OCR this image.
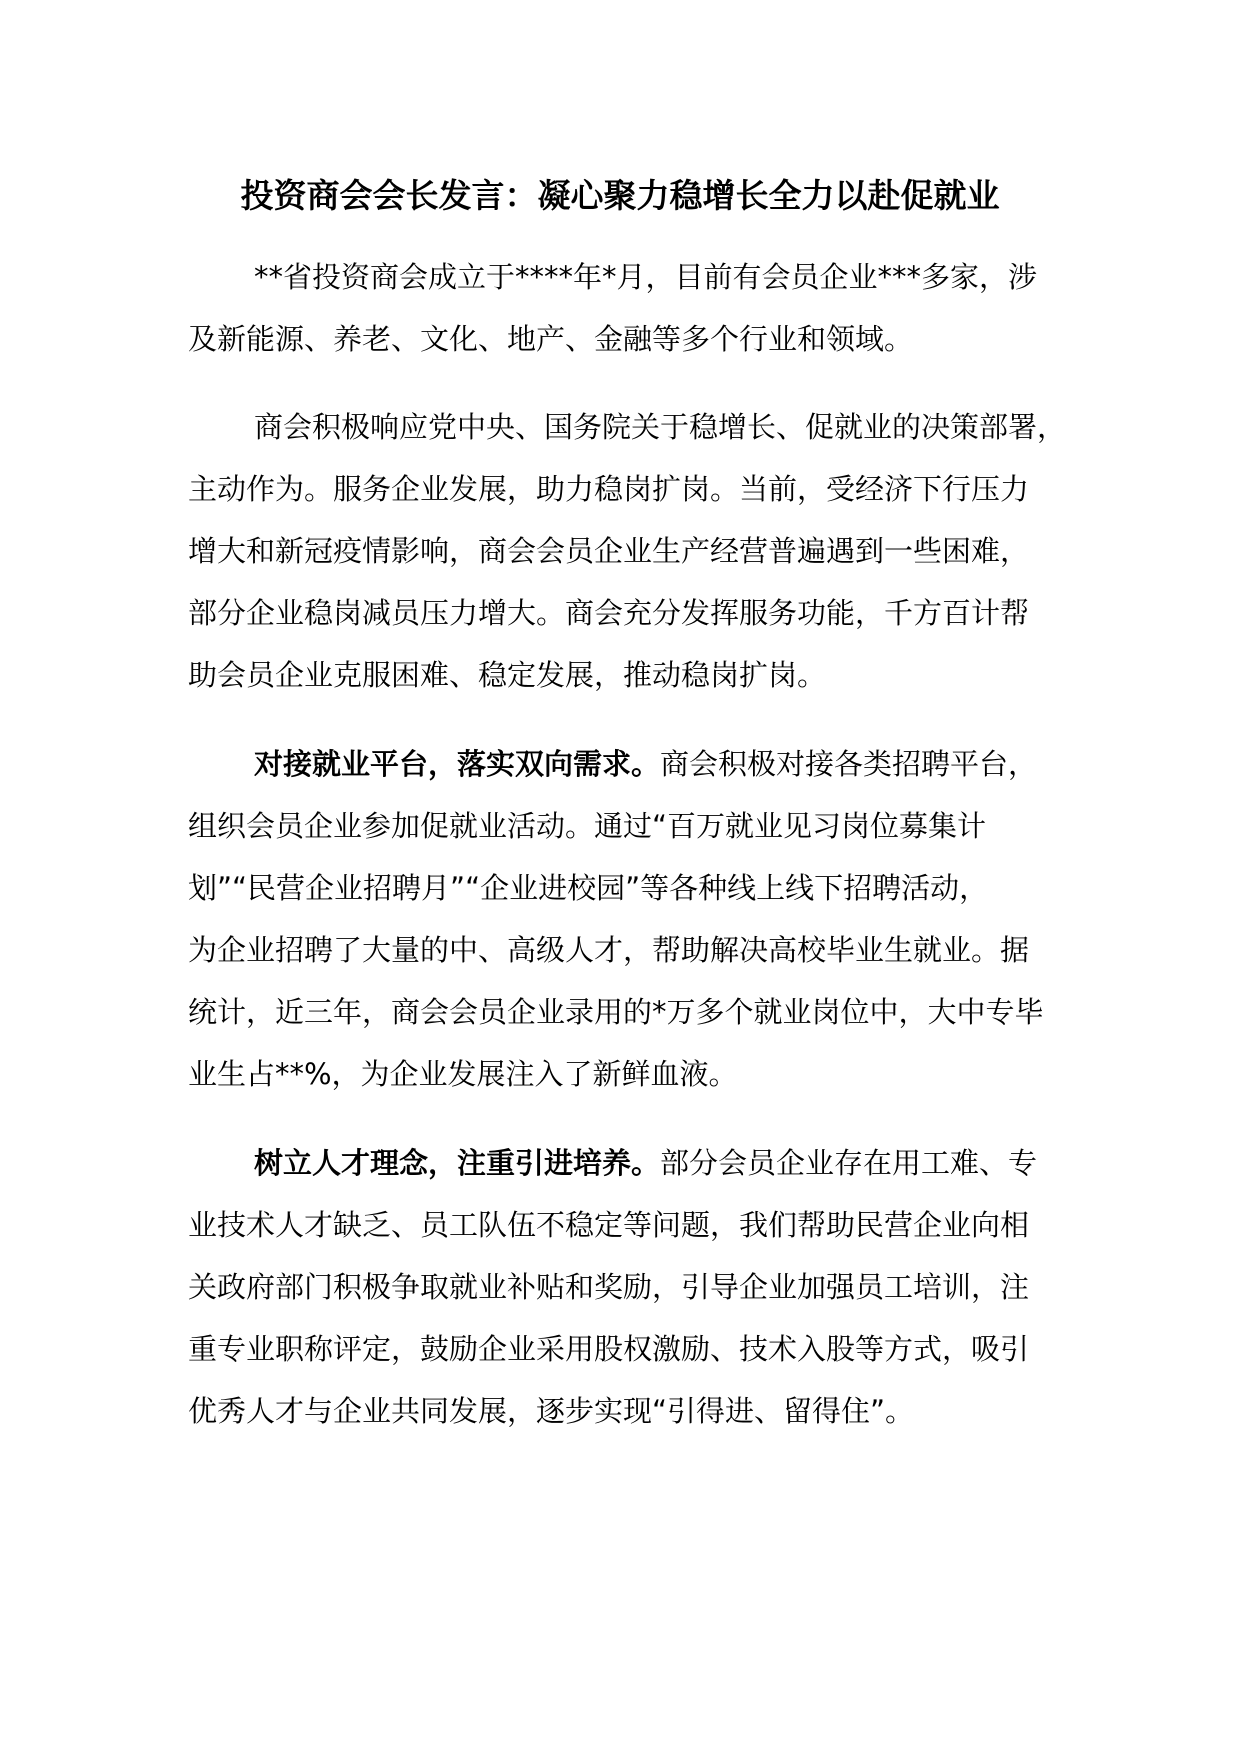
投资商会会长发言：凝心聚力稳增长全力以赴促就业
**省投资商会成立于****年*月，目前有会员企业***多家，涉
及新能源、养老、文化、地产、金融等多个行业和领域。
商会积极响应党中央、国务院关于稳增长、促就业的决策部署，
主动作为。服务企业发展，助力稳岗扩岗。当前，受经济下行压力
增大和新冠疫情影响，商会会员企业生产经营普遍遇到一些困难，
部分企业稳岗减员压力增大。商会充分发挥服务功能，千方百计帮
助会员企业克服困难、稳定发展，推动稳岗扩岗。
对接就业平台，落实双向需求。商会积极对接各类招聘平台，
组织会员企业参加促就业活动。通过“百万就业见习岗位募集计
划”“民营企业招聘月”“企业进校园”等各种线上线下招聘活动，
为企业招聘了大量的中、高级人才，帮助解决高校毕业生就业。据
统计，近三年，商会会员企业录用的*万多个就业岗位中，大中专毕
业生占**%，为企业发展注入了新鲜血液。
树立人才理念，注重引进培养。部分会员企业存在用工难、专
业技术人才缺乏、员工队伍不稳定等问题，我们帮助民营企业向相
关政府部门积极争取就业补贴和奖励，引导企业加强员工培训，注
重专业职称评定，鼓励企业采用股权激励、技术入股等方式，吸引
优秀人才与企业共同发展，逐步实现“引得进、留得住”。
